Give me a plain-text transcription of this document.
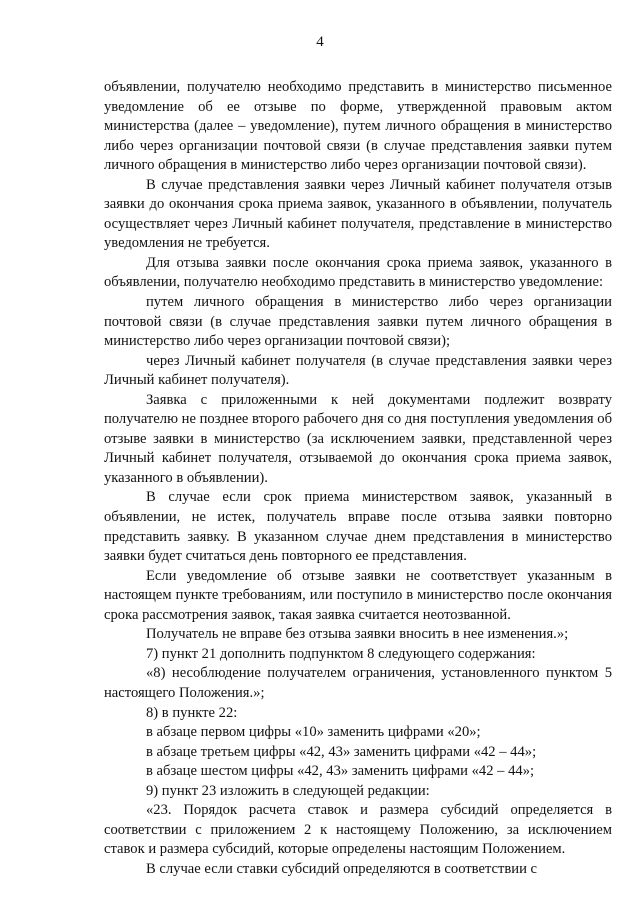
4

объявлении, получателю необходимо представить в министерство письменное уведомление об ее отзыве по форме, утвержденной правовым актом министерства (далее – уведомление), путем личного обращения в министерство либо через организации почтовой связи (в случае представления заявки путем личного обращения в министерство либо через организации почтовой связи).

В случае представления заявки через Личный кабинет получателя отзыв заявки до окончания срока приема заявок, указанного в объявлении, получатель осуществляет через Личный кабинет получателя, представление в министерство уведомления не требуется.

Для отзыва заявки после окончания срока приема заявок, указанного в объявлении, получателю необходимо представить в министерство уведомление:

путем личного обращения в министерство либо через организации почтовой связи (в случае представления заявки путем личного обращения в министерство либо через организации почтовой связи);

через Личный кабинет получателя (в случае представления заявки через Личный кабинет получателя).

Заявка с приложенными к ней документами подлежит возврату получателю не позднее второго рабочего дня со дня поступления уведомления об отзыве заявки в министерство (за исключением заявки, представленной через Личный кабинет получателя, отзываемой до окончания срока приема заявок, указанного в объявлении).

В случае если срок приема министерством заявок, указанный в объявлении, не истек, получатель вправе после отзыва заявки повторно представить заявку. В указанном случае днем представления в министерство заявки будет считаться день повторного ее представления.

Если уведомление об отзыве заявки не соответствует указанным в настоящем пункте требованиям, или поступило в министерство после окончания срока рассмотрения заявок, такая заявка считается неотозванной.

Получатель не вправе без отзыва заявки вносить в нее изменения.»;

7) пункт 21 дополнить подпунктом 8 следующего содержания:

«8) несоблюдение получателем ограничения, установленного пунктом 5 настоящего Положения.»;

8) в пункте 22:

в абзаце первом цифры «10» заменить цифрами «20»;

в абзаце третьем цифры «42, 43» заменить цифрами «42 – 44»;

в абзаце шестом цифры «42, 43» заменить цифрами «42 – 44»;

9) пункт 23 изложить в следующей редакции:

«23. Порядок расчета ставок и размера субсидий определяется в соответствии с приложением 2 к настоящему Положению, за исключением ставок и размера субсидий, которые определены настоящим Положением.

В случае если ставки субсидий определяются в соответствии с
